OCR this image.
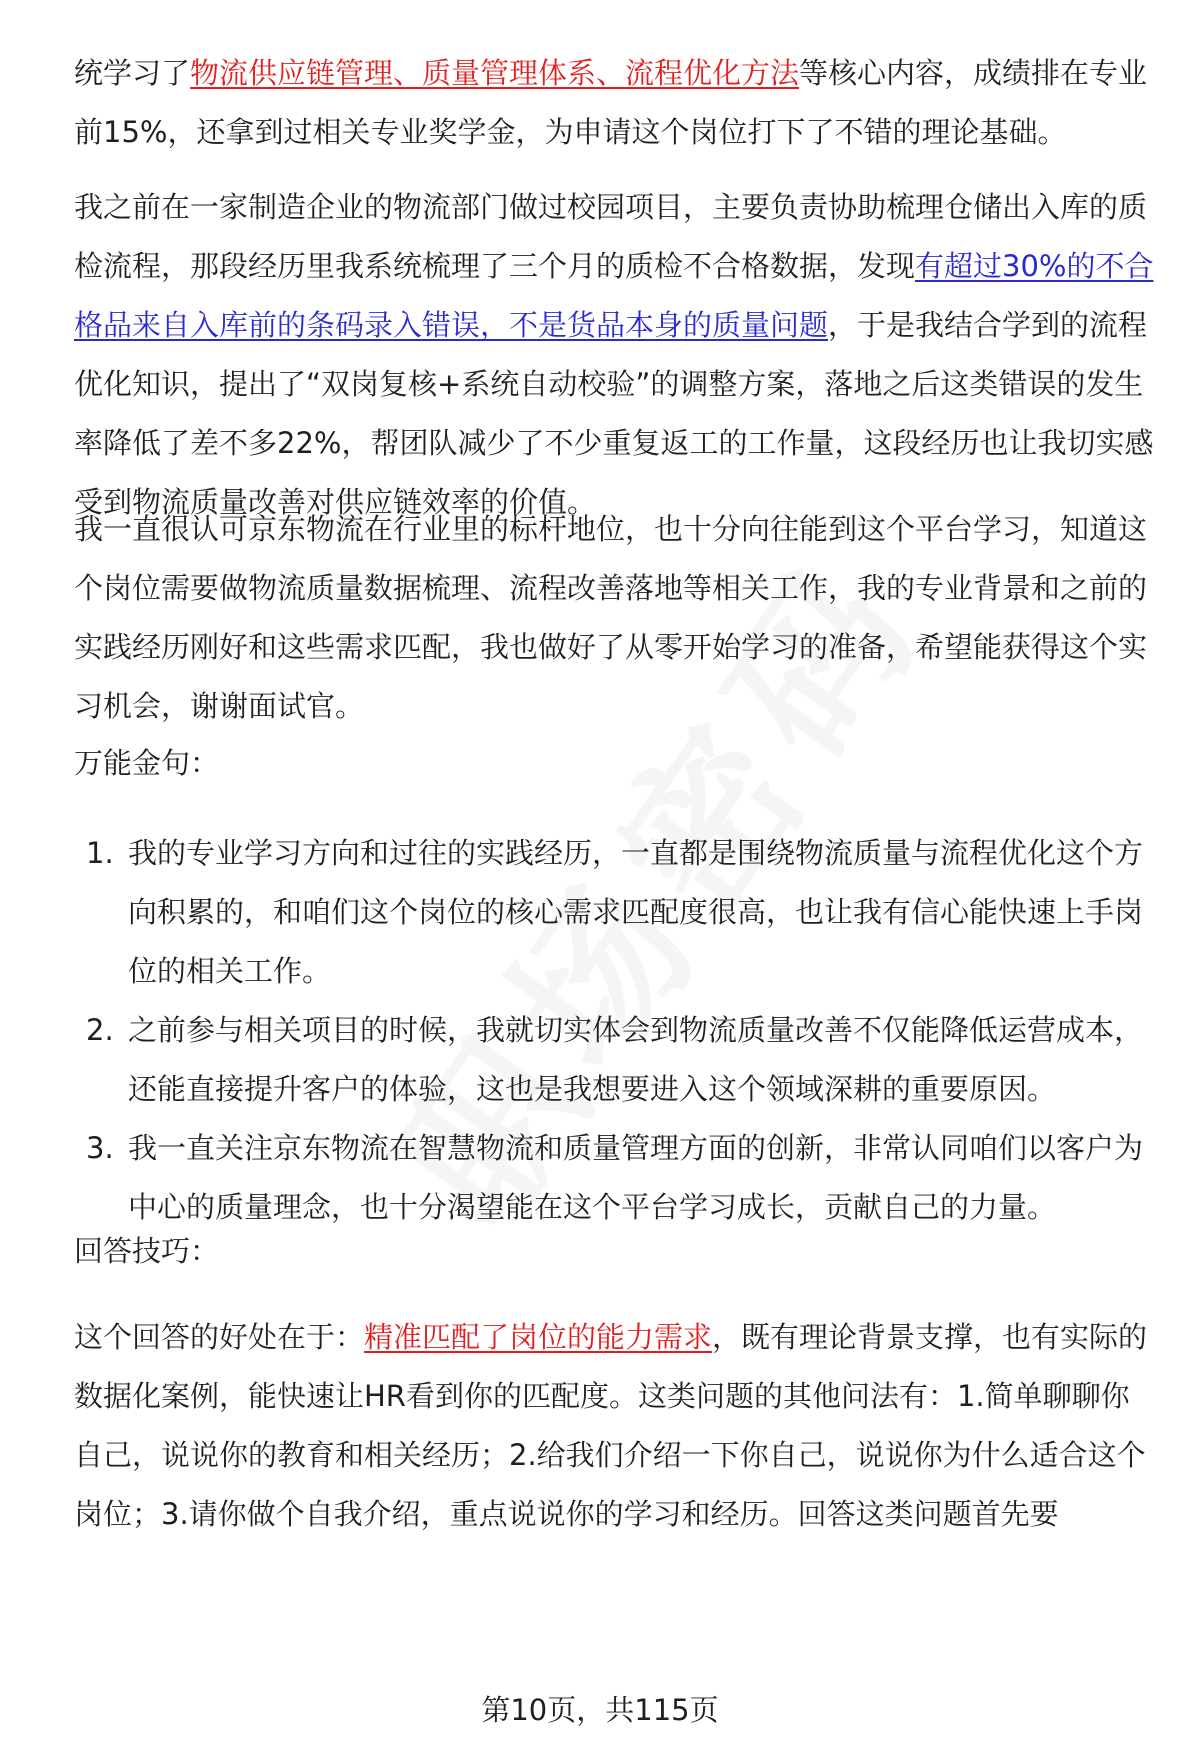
统学习了物流供应链管理、质量管理体系、流程优化方法等核心内容，成绩排在专业前15%，还拿到过相关专业奖学金，为申请这个岗位打下了不错的理论基础。

我之前在一家制造企业的物流部门做过校园项目，主要负责协助梳理仓储出入库的质检流程，那段经历里我系统梳理了三个月的质检不合格数据，发现有超过30%的不合格品来自入库前的条码录入错误，不是货品本身的质量问题，于是我结合学到的流程优化知识，提出了“双岗复核+系统自动校验”的调整方案，落地之后这类错误的发生率降低了差不多22%，帮团队减少了不少重复返工的工作量，这段经历也让我切实感受到物流质量改善对供应链效率的价值。

我一直很认可京东物流在行业里的标杆地位，也十分向往能到这个平台学习，知道这个岗位需要做物流质量数据梳理、流程改善落地等相关工作，我的专业背景和之前的实践经历刚好和这些需求匹配，我也做好了从零开始学习的准备，希望能获得这个实习机会，谢谢面试官。

万能金句：

1. 我的专业学习方向和过往的实践经历，一直都是围绕物流质量与流程优化这个方向积累的，和咱们这个岗位的核心需求匹配度很高，也让我有信心能快速上手岗位的相关工作。
2. 之前参与相关项目的时候，我就切实体会到物流质量改善不仅能降低运营成本，还能直接提升客户的体验，这也是我想要进入这个领域深耕的重要原因。
3. 我一直关注京东物流在智慧物流和质量管理方面的创新，非常认同咱们以客户为中心的质量理念，也十分渴望能在这个平台学习成长，贡献自己的力量。

回答技巧：

这个回答的好处在于：精准匹配了岗位的能力需求，既有理论背景支撑，也有实际的数据化案例，能快速让HR看到你的匹配度。这类问题的其他问法有：1.简单聊聊你自己，说说你的教育和相关经历；2.给我们介绍一下你自己，说说你为什么适合这个岗位；3.请你做个自我介绍，重点说说你的学习和经历。回答这类问题首先要

第10页，共115页
